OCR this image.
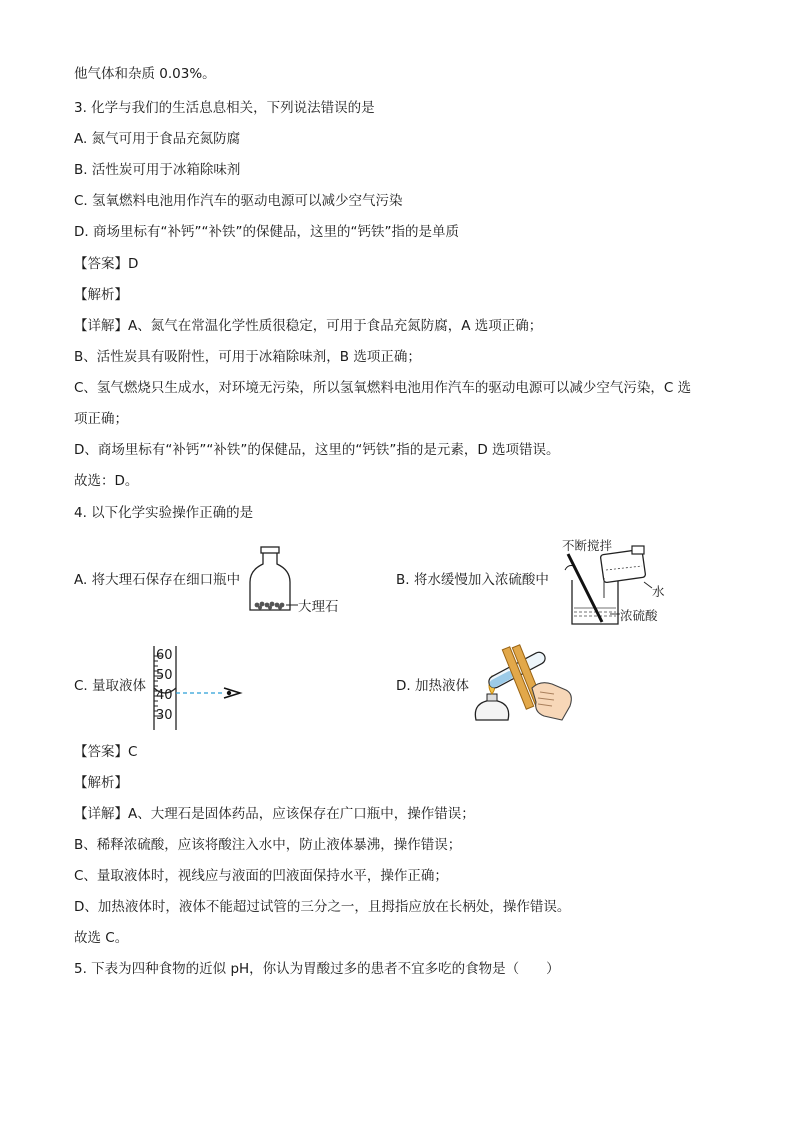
他气体和杂质 0.03%。
3. 化学与我们的生活息息相关，下列说法错误的是
A. 氮气可用于食品充氮防腐
B. 活性炭可用于冰箱除味剂
C. 氢氧燃料电池用作汽车的驱动电源可以减少空气污染
D. 商场里标有“补钙”“补铁”的保健品，这里的“钙铁”指的是单质
【答案】D
【解析】
【详解】A、氮气在常温化学性质很稳定，可用于食品充氮防腐，A 选项正确；
B、活性炭具有吸附性，可用于冰箱除味剂，B 选项正确；
C、氢气燃烧只生成水，对环境无污染，所以氢氧燃料电池用作汽车的驱动电源可以减少空气污染，C 选
项正确；
D、商场里标有“补钙”“补铁”的保健品，这里的“钙铁”指的是元素，D 选项错误。
故选：D。
4. 以下化学实验操作正确的是
A. 将大理石保存在细口瓶中	B. 将水缓慢加入浓硫酸中
C. 量取液体	D. 加热液体
大理石
不断搅拌
水
浓硫酸
60
50
40
30
【答案】C
【解析】
【详解】A、大理石是固体药品，应该保存在广口瓶中，操作错误；
B、稀释浓硫酸，应该将酸注入水中，防止液体暴沸，操作错误；
C、量取液体时，视线应与液面的凹液面保持水平，操作正确；
D、加热液体时，液体不能超过试管的三分之一，且拇指应放在长柄处，操作错误。
故选 C。
5. 下表为四种食物的近似 pH，你认为胃酸过多的患者不宜多吃的食物是（　　）
